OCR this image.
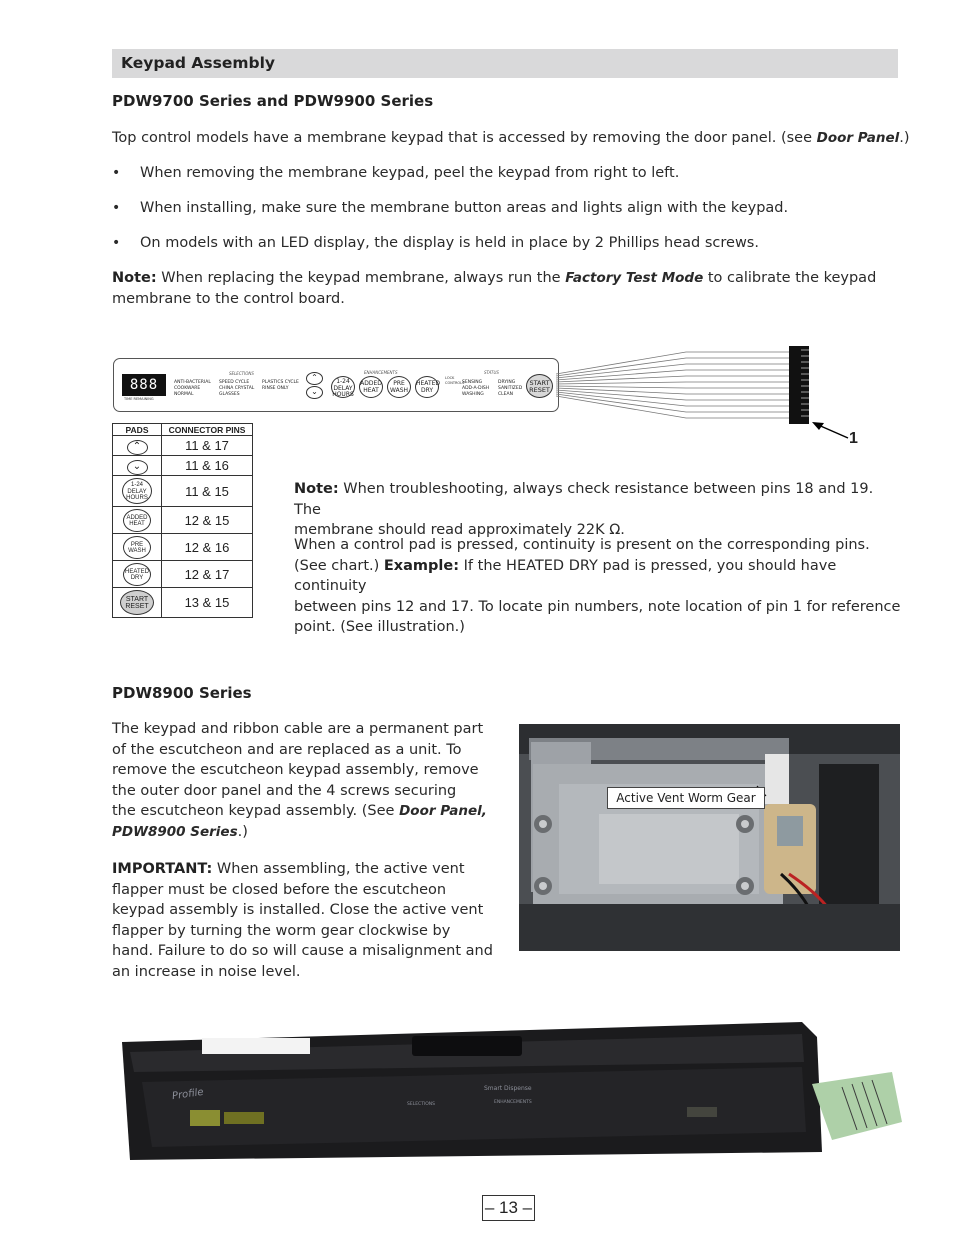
Keypad Assembly
PDW9700 Series and PDW9900 Series
Top control models have a membrane keypad that is accessed by removing the door panel. (see Door Panel.)
• When removing the membrane keypad, peel the keypad from right to left.
• When installing, make sure the membrane button areas and lights align with the keypad.
• On models with an LED display, the display is held in place by 2 Phillips head screws.
Note: When replacing the keypad membrane, always run the Factory Test Mode to calibrate the keypad
membrane to the control board.
888
TIME REMAINING
SELECTIONS
ANTI-BACTERIAL
COOKWARE
NORMAL
SPEED CYCLE
CHINA CRYSTAL
GLASSES
PLASTICS CYCLE
RINSE ONLY
⌃
⌄
ENHANCEMENTS
1-24 DELAY HOURS
ADDED HEAT
PRE WASH
HEATED DRY
LOCK CONTROLS
STATUS
SENSING
ADD-A-DISH
WASHING
DRYING
SANITIZED
CLEAN
START RESET
1
PADS	CONNECTOR PINS
⌃	11 & 17
⌄	11 & 16
1-24 DELAY HOURS	11 & 15
ADDED HEAT	12 & 15
PRE WASH	12 & 16
HEATED DRY	12 & 17
START RESET	13 & 15
Note: When troubleshooting, always check resistance between pins 18 and 19. The
membrane should read approximately 22K Ω.
When a control pad is pressed, continuity is present on the corresponding pins.
(See chart.) Example: If the HEATED DRY pad is pressed, you should have continuity
between pins 12 and 17. To locate pin numbers, note location of pin 1 for reference
point. (See illustration.)
PDW8900 Series
The keypad and ribbon cable are a permanent part
of the escutcheon and are replaced as a unit. To
remove the escutcheon keypad assembly, remove
the outer door panel and the 4 screws securing
the escutcheon keypad assembly. (See Door Panel,
PDW8900 Series.)
IMPORTANT: When assembling, the active vent
flapper must be closed before the escutcheon
keypad assembly is installed. Close the active vent
flapper by turning the worm gear clockwise by
hand. Failure to do so will cause a misalignment and
an increase in noise level.
Active Vent Worm Gear
Profile	Smart Dispense
SELECTIONS	ENHANCEMENTS
– 13 –
